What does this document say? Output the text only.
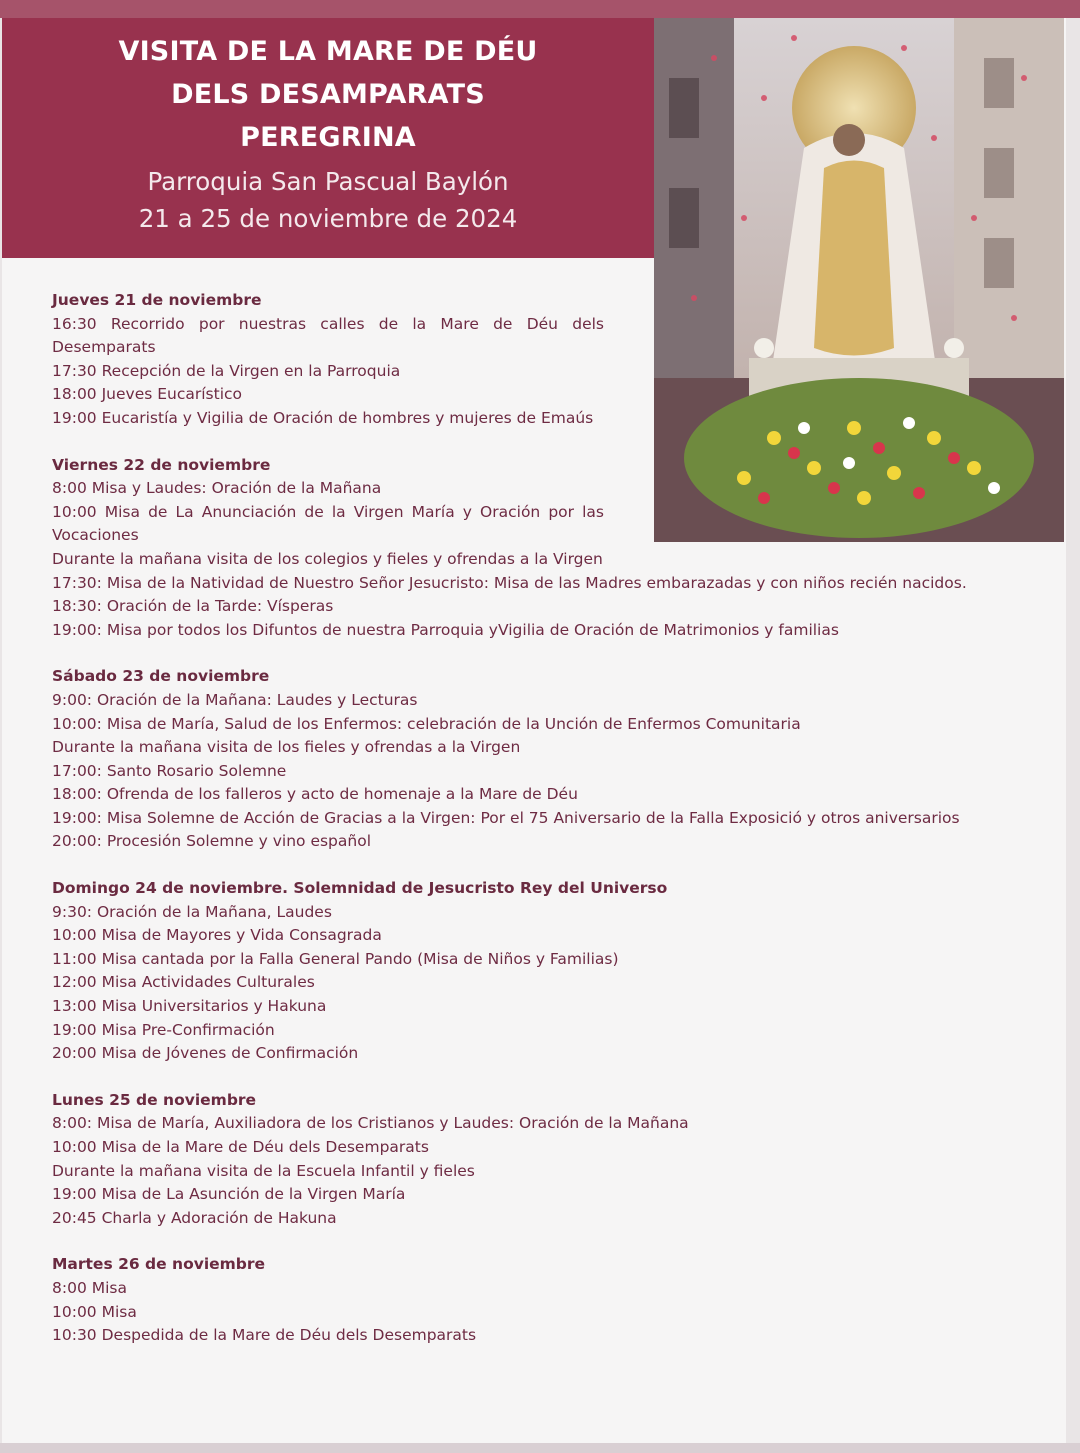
VISITA DE LA MARE DE DÉU
DELS DESAMPARATS
PEREGRINA
Parroquia San Pascual Baylón
21 a 25 de noviembre de 2024
Jueves 21 de noviembre
16:30 Recorrido por nuestras calles de la Mare de Déu dels Desemparats
17:30 Recepción de la Virgen en la Parroquia
18:00 Jueves Eucarístico
19:00 Eucaristía y Vigilia de Oración de hombres y mujeres de Emaús
Viernes 22 de noviembre
8:00 Misa y Laudes: Oración de la Mañana
10:00 Misa de La Anunciación de la Virgen María y Oración por las Vocaciones
Durante la mañana visita de los colegios y fieles y ofrendas a la Virgen
17:30: Misa de la Natividad de Nuestro Señor Jesucristo: Misa de las Madres embarazadas y con niños recién nacidos.
18:30: Oración de la Tarde: Vísperas
19:00: Misa por todos los Difuntos de nuestra Parroquia yVigilia de Oración de Matrimonios y familias
Sábado 23 de noviembre
9:00: Oración de la Mañana: Laudes y Lecturas
10:00: Misa de María, Salud de los Enfermos: celebración de la Unción de Enfermos Comunitaria
Durante la mañana visita de los fieles y ofrendas a la Virgen
17:00: Santo Rosario Solemne
18:00: Ofrenda de los falleros y acto de homenaje a la Mare de Déu
19:00: Misa Solemne de Acción de Gracias a la Virgen: Por el 75 Aniversario de la Falla Exposició y otros aniversarios
20:00: Procesión Solemne y vino español
Domingo 24 de noviembre. Solemnidad de Jesucristo Rey del Universo
9:30: Oración de la Mañana, Laudes
10:00 Misa de Mayores y Vida Consagrada
11:00 Misa cantada por la Falla General Pando (Misa de Niños y Familias)
12:00 Misa Actividades Culturales
13:00 Misa Universitarios y Hakuna
19:00 Misa Pre-Confirmación
20:00 Misa de Jóvenes de Confirmación
Lunes 25 de noviembre
8:00: Misa de María, Auxiliadora de los Cristianos y Laudes: Oración de la Mañana
10:00 Misa de la Mare de Déu dels Desemparats
Durante la mañana visita de la Escuela Infantil y fieles
19:00 Misa de La Asunción de la Virgen María
20:45 Charla y Adoración de Hakuna
Martes 26 de noviembre
8:00 Misa
10:00 Misa
10:30 Despedida de la Mare de Déu dels Desemparats
